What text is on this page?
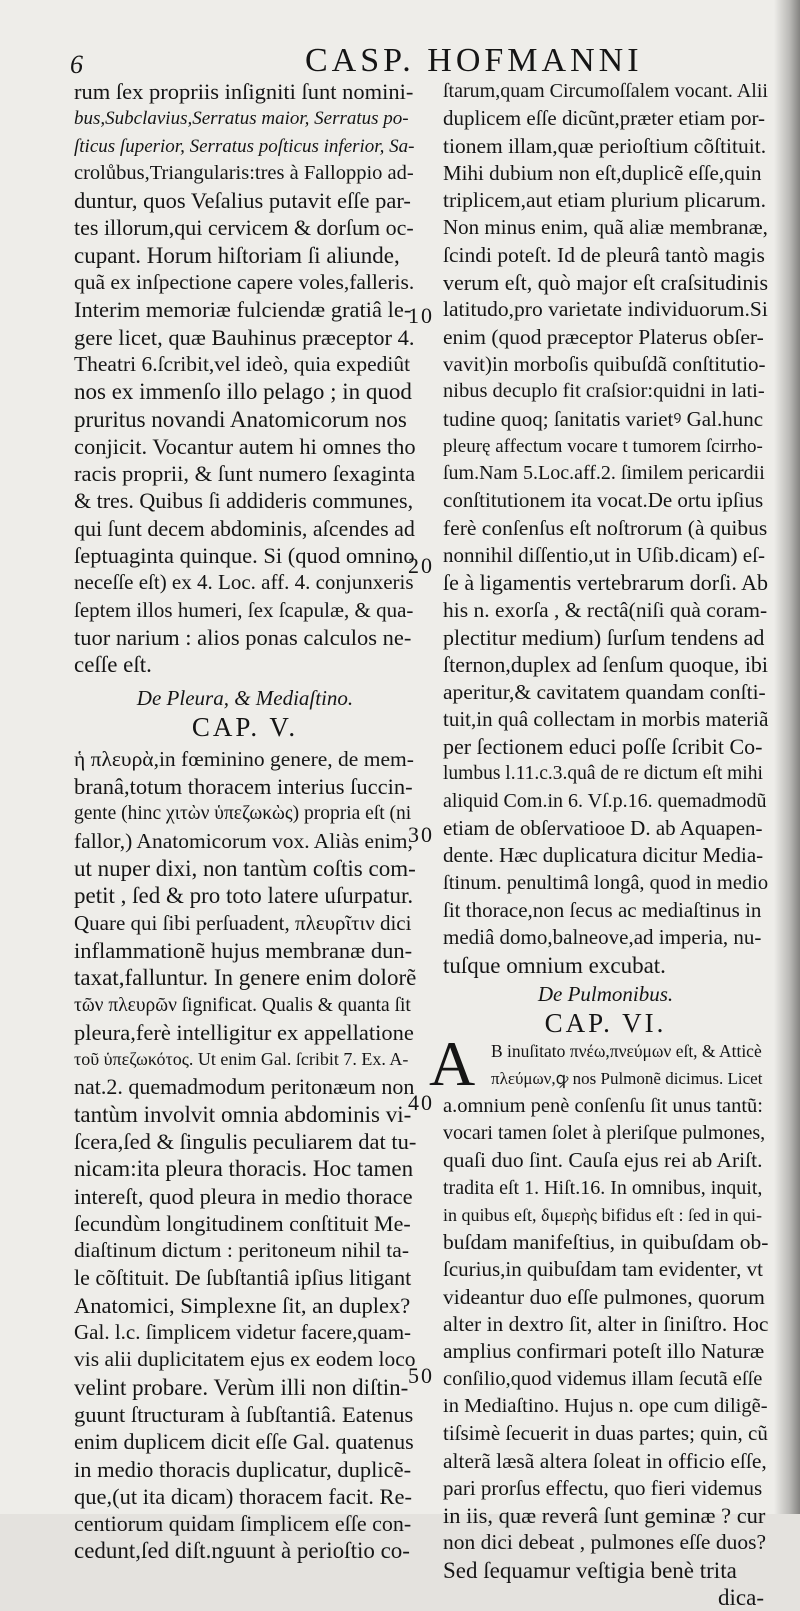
6	CASP. HOFMANNI
10
20
30
40
50
rum ſex propriis inſigniti ſunt nomini-
bus,Subclavius,Serratus maior, Serratus po-
ſticus ſuperior, Serratus poſticus inferior, Sa-
crolůbus,Triangularis:tres à Falloppio ad-
duntur, quos Veſalius putavit eſſe par-
tes illorum,qui cervicem & dorſum oc-
cupant. Horum hiſtoriam ſi aliunde,
quã ex inſpectione capere voles,falleris.
Interim memoriæ fulciendæ gratiâ le-
gere licet, quæ Bauhinus præceptor 4.
Theatri 6.ſcribit,vel ideò, quia expediût
nos ex immenſo illo pelago ; in quod
pruritus novandi Anatomicorum nos
conjicit. Vocantur autem hi omnes tho
racis proprii, & ſunt numero ſexaginta
& tres. Quibus ſi addideris communes,
qui ſunt decem abdominis, aſcendes ad
ſeptuaginta quinque. Si (quod omnino
neceſſe eſt) ex 4. Loc. aff. 4. conjunxeris
ſeptem illos humeri, ſex ſcapulæ, & qua-
tuor narium : alios ponas calculos ne-
ceſſe eſt.
De Pleura, & Mediaſtino.
CAP. V.
ἡ πλευρὰ,in fœminino genere, de mem-
branâ,totum thoracem interius ſuccin-
gente (hinc χιτὼν ὑπεζωκὼς) propria eſt (ni
fallor,) Anatomicorum vox. Aliàs enim,
ut nuper dixi, non tantùm coſtis com-
petit , ſed & pro toto latere uſurpatur.
Quare qui ſibi perſuadent, πλευρῖτιν dici
inflammationẽ hujus membranæ dun-
taxat,falluntur. In genere enim dolorẽ
τῶν πλευρῶν ſignificat. Qualis & quanta ſit
pleura,ferè intelligitur ex appellatione
τοῦ ὑπεζωκότος. Ut enim Gal. ſcribit 7. Ex. A-
nat.2. quemadmodum peritonæum non
tantùm involvit omnia abdominis vi-
ſcera,ſed & ſingulis peculiarem dat tu-
nicam:ita pleura thoracis. Hoc tamen
intereſt, quod pleura in medio thorace
ſecundùm longitudinem conſtituit Me-
diaſtinum dictum : peritoneum nihil ta-
le cõſtituit. De ſubſtantiâ ipſius litigant
Anatomici, Simplexne ſit, an duplex?
Gal. l.c. ſimplicem videtur facere,quam-
vis alii duplicitatem ejus ex eodem loco
velint probare. Verùm illi non diſtin-
guunt ſtructuram à ſubſtantiâ. Eatenus
enim duplicem dicit eſſe Gal. quatenus
in medio thoracis duplicatur, duplicẽ-
que,(ut ita dicam) thoracem facit. Re-
centiorum quidam ſimplicem eſſe con-
cedunt,ſed diſt.nguunt à perioſtio co-
ſtarum,quam Circumoſſalem vocant. Alii
duplicem eſſe dicũnt,præter etiam por-
tionem illam,quæ perioſtium cõſtituit.
Mihi dubium non eſt,duplicẽ eſſe,quin
triplicem,aut etiam plurium plicarum.
Non minus enim, quã aliæ membranæ,
ſcindi poteſt. Id de pleurâ tantò magis
verum eſt, quò major eſt craſsitudinis
latitudo,pro varietate individuorum.Si
enim (quod præceptor Platerus obſer-
vavit)in morboſis quibuſdã conſtitutio-
nibus decuplo fit craſsior:quidni in lati-
tudine quoq; ſanitatis varietꝰ Gal.hunc
pleurę affectum vocare t tumorem ſcirrho-
ſum.Nam 5.Loc.aff.2. ſimilem pericardii
conſtitutionem ita vocat.De ortu ipſius
ferè conſenſus eſt noſtrorum (à quibus
nonnihil diſſentio,ut in Uſib.dicam) eſ-
ſe à ligamentis vertebrarum dorſi. Ab
his n. exorſa , & rectâ(niſi quà coram-
plectitur medium) ſurſum tendens ad
ſternon,duplex ad ſenſum quoque, ibi
aperitur,& cavitatem quandam conſti-
tuit,in quâ collectam in morbis materiã
per ſectionem educi poſſe ſcribit Co-
lumbus l.11.c.3.quâ de re dictum eſt mihi
aliquid Com.in 6. Vſ.p.16. quemadmodũ
etiam de obſervatiooe D. ab Aquapen-
dente. Hæc duplicatura dicitur Media-
ſtinum. penultimâ longâ, quod in medio
ſit thorace,non ſecus ac mediaſtinus in
mediâ domo,balneove,ad imperia, nu-
tuſque omnium excubat.
De Pulmonibus.
CAP. VI.
A B inuſitato πνέω,πνεύμων eſt, & Atticè
πλεύμων,ꝙ nos Pulmonẽ dicimus. Licet
a.omnium penè conſenſu ſit unus tantũ:
vocari tamen ſolet à pleriſque pulmones,
quaſi duo ſint. Cauſa ejus rei ab Ariſt.
tradita eſt 1. Hiſt.16. In omnibus, inquit,
in quibus eſt, διμερὴς bifidus eſt : ſed in qui-
buſdam manifeſtius, in quibuſdam ob-
ſcurius,in quibuſdam tam evidenter, vt
videantur duo eſſe pulmones, quorum
alter in dextro ſit, alter in ſiniſtro. Hoc
amplius confirmari poteſt illo Naturæ
conſilio,quod videmus illam ſecutã eſſe
in Mediaſtino. Hujus n. ope cum diligẽ-
tiſsimè ſecuerit in duas partes; quin, cũ
alterã læsã altera ſoleat in officio eſſe,
pari prorſus effectu, quo fieri videmus
in iis, quæ reverâ ſunt geminæ ? cur
non dici debeat , pulmones eſſe duos?
Sed ſequamur veſtigia benè trita
dica-
